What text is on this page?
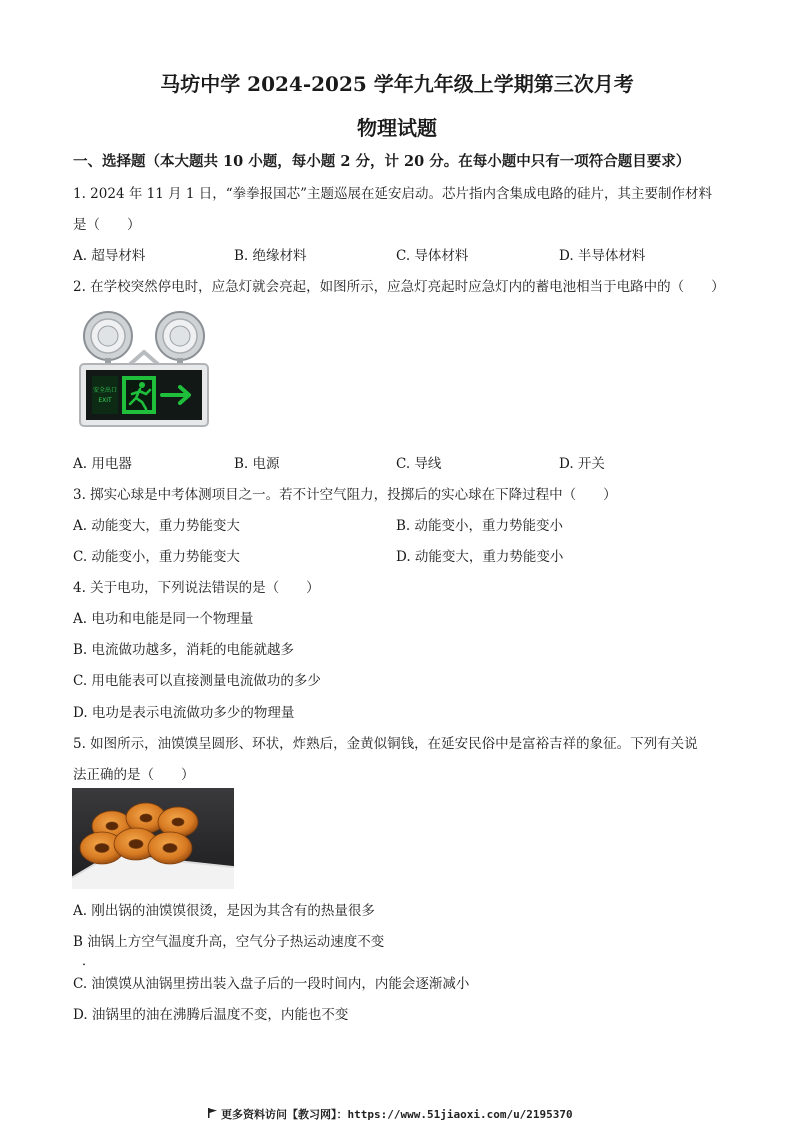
马坊中学 2024-2025 学年九年级上学期第三次月考
物理试题
一、选择题（本大题共 10 小题，每小题 2 分，计 20 分。在每小题中只有一项符合题目要求）
1. 2024 年 11 月 1 日，“拳拳报国芯”主题巡展在延安启动。芯片指内含集成电路的硅片，其主要制作材料
是（　　）
A. 超导材料	B. 绝缘材料	C. 导体材料	D. 半导体材料
2. 在学校突然停电时，应急灯就会亮起，如图所示，应急灯亮起时应急灯内的蓄电池相当于电路中的（　　）
安全出口
EXIT
A. 用电器	B. 电源	C. 导线	D. 开关
3. 掷实心球是中考体测项目之一。若不计空气阻力，投掷后的实心球在下降过程中（　　）
A. 动能变大，重力势能变大	B. 动能变小，重力势能变小
C. 动能变小，重力势能变大	D. 动能变大，重力势能变小
4. 关于电功，下列说法错误的是（　　）
A. 电功和电能是同一个物理量
B. 电流做功越多，消耗的电能就越多
C. 用电能表可以直接测量电流做功的多少
D. 电功是表示电流做功多少的物理量
5. 如图所示，油馍馍呈圆形、环状，炸熟后，金黄似铜钱，在延安民俗中是富裕吉祥的象征。下列有关说
法正确的是（　　）
A. 刚出锅的油馍馍很烫，是因为其含有的热量很多
B 油锅上方空气温度升高，空气分子热运动速度不变
．
C. 油馍馍从油锅里捞出装入盘子后的一段时间内，内能会逐渐减小
D. 油锅里的油在沸腾后温度不变，内能也不变
更多资料访问【教习网】：https://www.51jiaoxi.com/u/2195370
